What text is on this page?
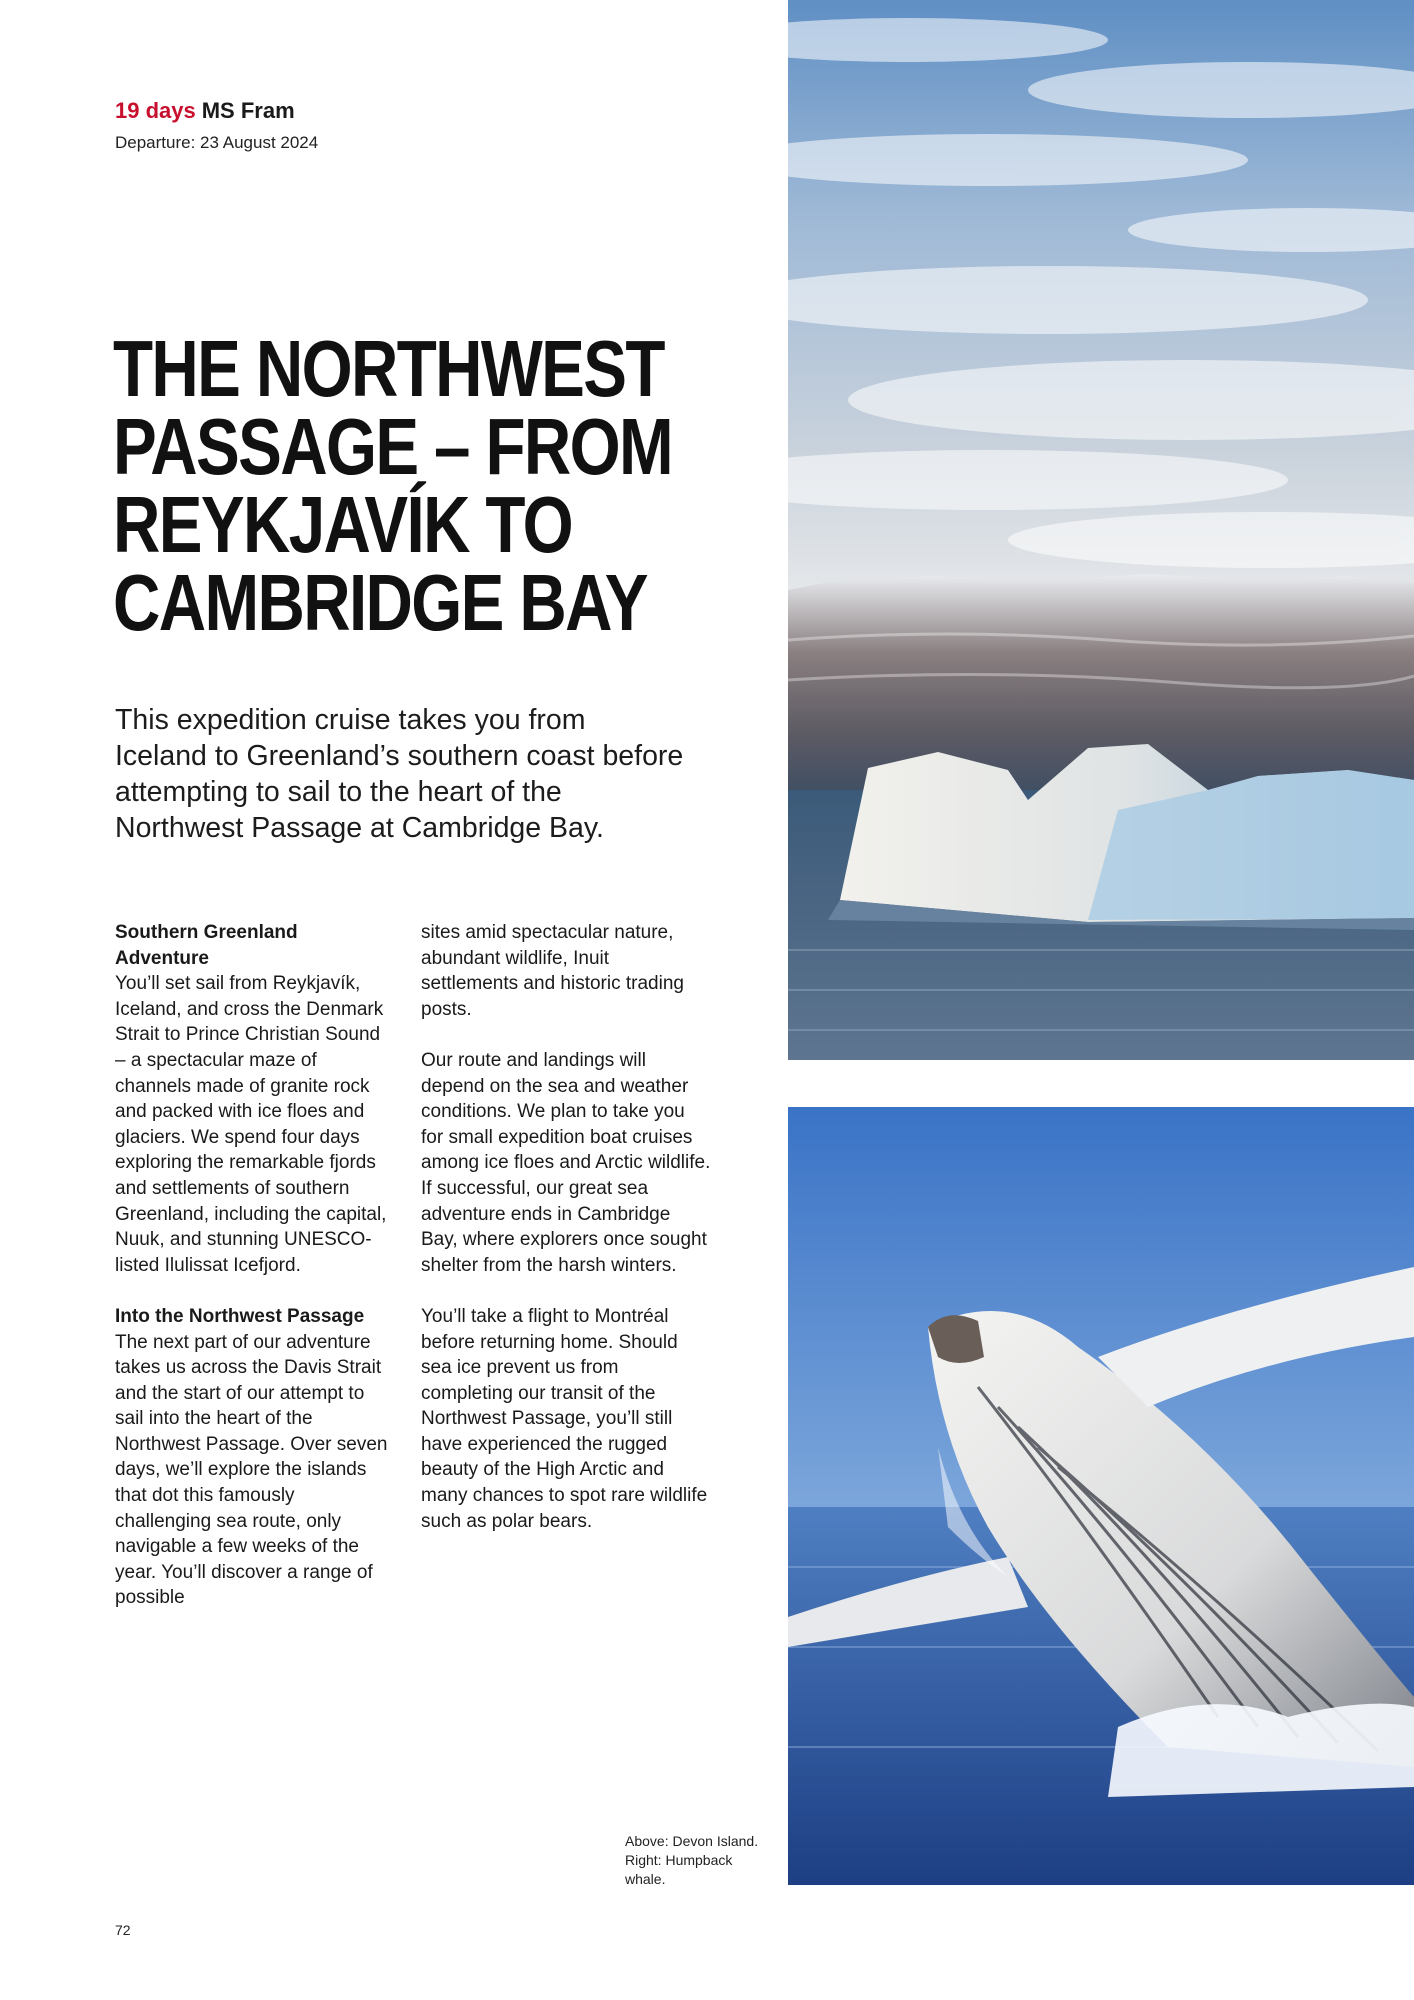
19 days MS Fram
Departure: 23 August 2024
THE NORTHWEST
PASSAGE – FROM
REYKJAVÍK TO
CAMBRIDGE BAY

This expedition cruise takes you from Iceland to Greenland’s southern coast before attempting to sail to the heart of the Northwest Passage at Cambridge Bay.

Southern Greenland Adventure

You’ll set sail from Reykjavík, Iceland, and cross the Denmark Strait to Prince Christian Sound – a spectacular maze of channels made of granite rock and packed with ice floes and glaciers. We spend four days exploring the remarkable fjords and settlements of southern Greenland, including the capital, Nuuk, and stunning UNESCO-listed Ilulissat Icefjord.

Into the Northwest Passage

The next part of our adventure takes us across the Davis Strait and the start of our attempt to sail into the heart of the Northwest Passage. Over seven days, we’ll explore the islands that dot this famously challenging sea route, only navigable a few weeks of the year. You’ll discover a range of possible

sites amid spectacular nature, abundant wildlife, Inuit settlements and historic trading posts.

Our route and landings will depend on the sea and weather conditions. We plan to take you for small expedition boat cruises among ice floes and Arctic wildlife. If successful, our great sea adventure ends in Cambridge Bay, where explorers once sought shelter from the harsh winters.

You’ll take a flight to Montréal before returning home. Should sea ice prevent us from completing our transit of the Northwest Passage, you’ll still have experienced the rugged beauty of the High Arctic and many chances to spot rare wildlife such as polar bears.

Above: Devon Island. Right: Humpback whale.
72
